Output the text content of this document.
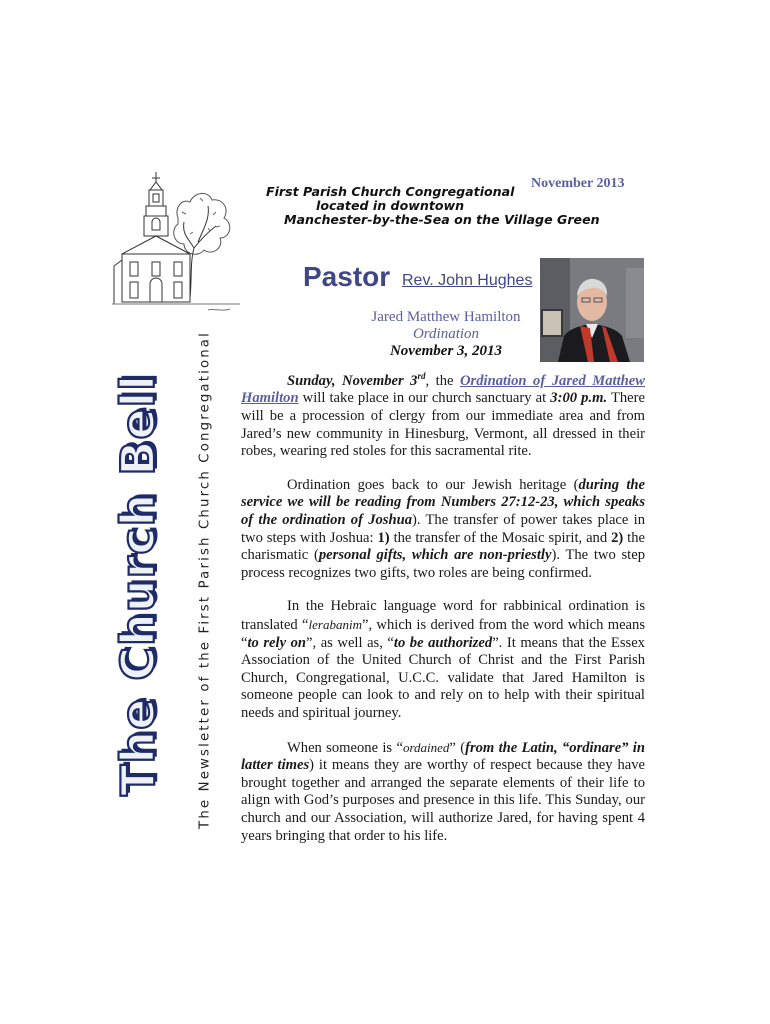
The Church Bell The Newsletter of the First Parish Church Congregational
November 2013
First Parish Church Congregational
located in downtown
Manchester-by-the-Sea on the Village Green
Pastor Rev. John Hughes
Jared Matthew Hamilton
Ordination
November 3, 2013

Sunday, November 3rd, the Ordination of Jared Matthew Hamilton will take place in our church sanctuary at 3:00 p.m. There will be a procession of clergy from our immediate area and from Jared’s new community in Hinesburg, Vermont, all dressed in their robes, wearing red stoles for this sacramental rite.

Ordination goes back to our Jewish heritage (during the service we will be reading from Numbers 27:12-23, which speaks of the ordination of Joshua). The transfer of power takes place in two steps with Joshua: 1) the transfer of the Mosaic spirit, and 2) the charismatic (personal gifts, which are non-priestly). The two step process recognizes two gifts, two roles are being confirmed.

In the Hebraic language word for rabbinical ordination is translated “lerabanim”, which is derived from the word which means “to rely on”, as well as, “to be authorized”. It means that the Essex Association of the United Church of Christ and the First Parish Church, Congregational, U.C.C. validate that Jared Hamilton is someone people can look to and rely on to help with their spiritual needs and spiritual journey.

When someone is “ordained” (from the Latin, “ordinare” in latter times) it means they are worthy of respect because they have brought together and arranged the separate elements of their life to align with God’s purposes and presence in this life. This Sunday, our church and our Association, will authorize Jared, for having spent 4 years bringing that order to his life.
